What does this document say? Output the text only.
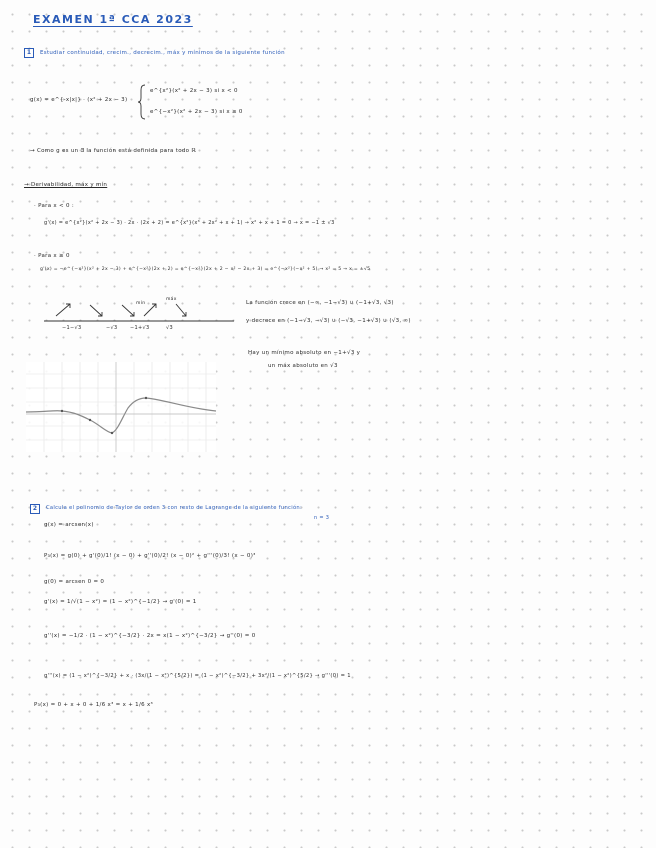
EXAMEN 1ª CCA 2023
1	Estudiar continuidad, crecim., decrecim., máx y mínimos de la siguiente función
g(x) = e^{-x|x|} · (x² + 2x − 3)
e^{x²}(x² + 2x − 3) si x < 0
e^{−x²}(x² + 2x − 3) si x ≥ 0
→ Como g es un ∃ la función está definida para todo ℝ
→ Derivabilidad, máx y mín
· Para x < 0 :
g'(x) = e^{x²}(x² + 2x − 3) · 2x · (2x + 2) = e^{x²}(x³ + 2x² + x + 1) → x² + x + 1 = 0 → x = −1 ± √3
· Para x ≥ 0
g'(x) = −e^{−x²}(x² + 2x − 3) + e^{−x²}(2x + 2) = e^{−x²}(2x + 2 − x² − 2x + 3) = e^{−x²}(−x² + 5) → x² = 5 → x = ±√5
mín
máx
−1−√3	−√3	−1+√3	√3
La función crece en (−∞, −1−√3) ∪ (−1+√3, √3)
y decrece en (−1−√3, −√3) ∪ (−√3, −1+√3) ∪ (√3, ∞)
Hay un mínimo absoluto en −1+√3 y
un máx absoluto en √3
2	Calcula el polinomio de Taylor de orden 3 con resto de Lagrange de la siguiente función:
n = 3
g(x) = arcsen(x)
P₃(x) = g(0) + g'(0)/1! (x − 0) + g''(0)/2! (x − 0)² + g'''(0)/3! (x − 0)³
g(0) = arcsen 0 = 0
g'(x) = 1/√(1 − x²) = (1 − x²)^{−1/2} → g'(0) = 1
g''(x) = −1/2 · (1 − x²)^{−3/2} · 2x = x(1 − x²)^{−3/2} → g''(0) = 0
g'''(x) = (1 − x²)^{−3/2} + x · (3x/(1 − x²)^{5/2}) = (1 − x²)^{−3/2} + 3x²/(1 − x²)^{5/2} → g'''(0) = 1
P₃(x) = 0 + x + 0 + 1/6 x³ = x + 1/6 x³
